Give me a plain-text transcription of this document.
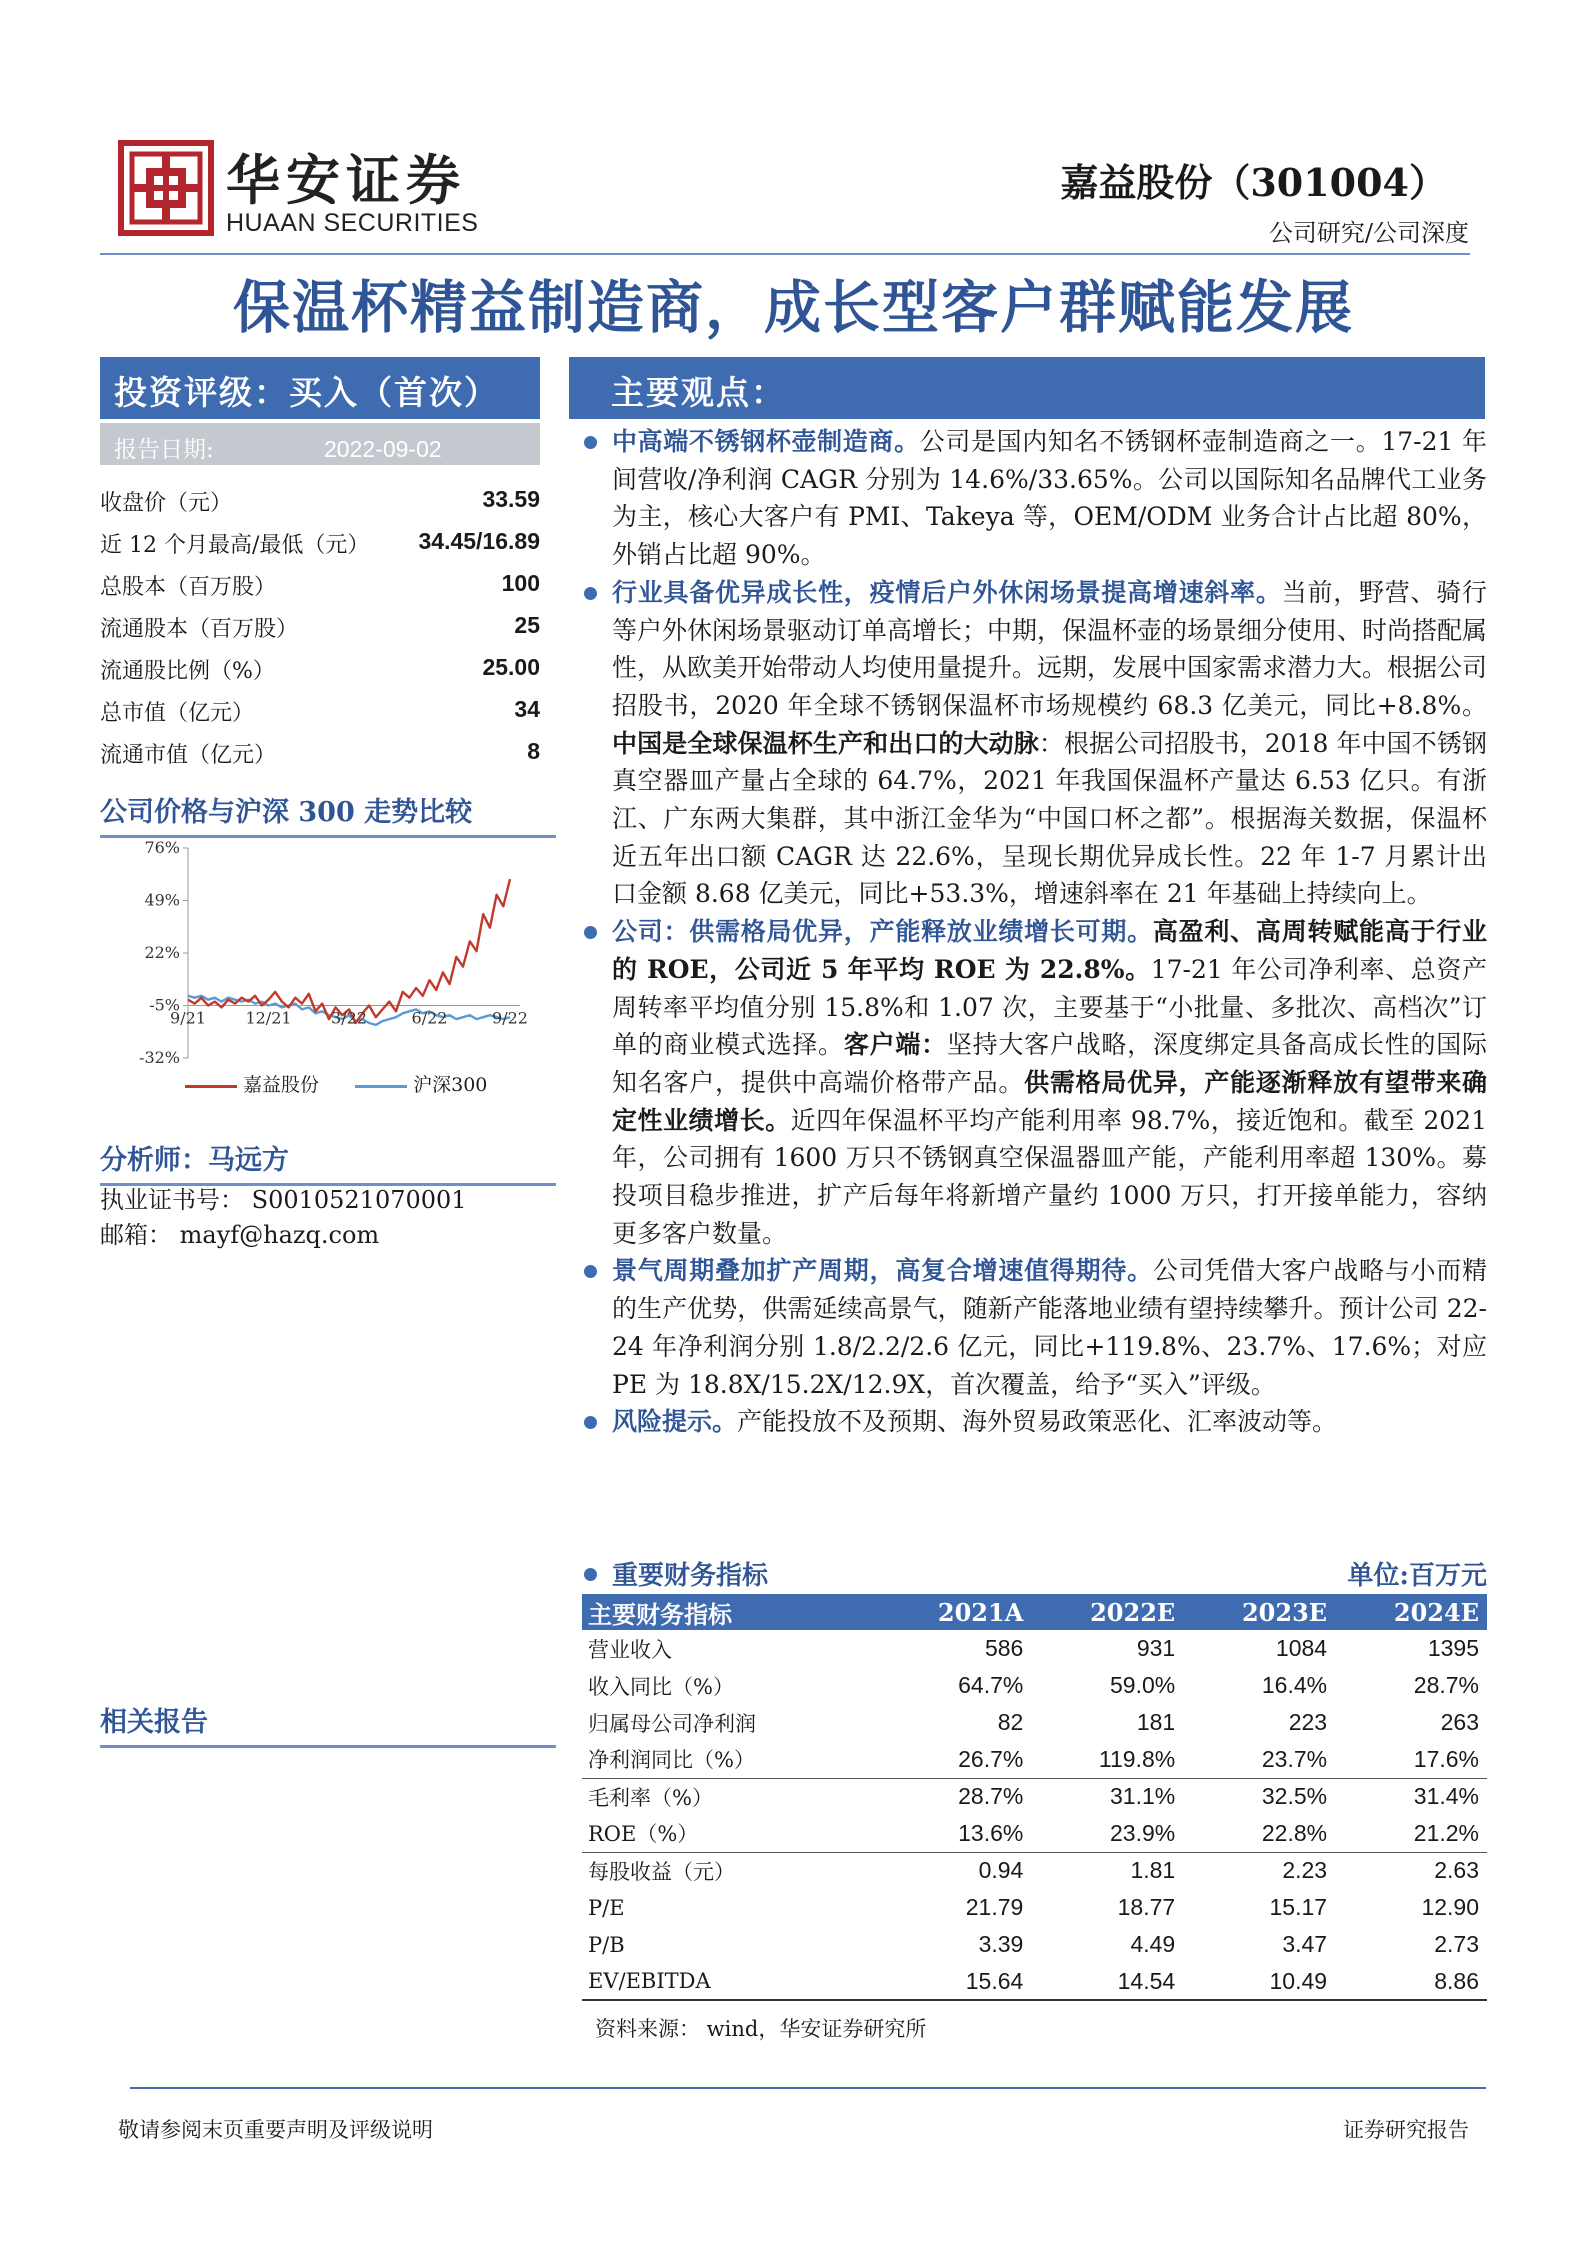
华安证券
HUAAN SECURITIES
嘉益股份（301004）
公司研究/公司深度
保温杯精益制造商，成长型客户群赋能发展
投资评级：买入（首次）
报告日期:	2022-09-02
收盘价（元）	33.59
近 12 个月最高/最低（元） 34.45/16.89
总股本（百万股）	100
流通股本（百万股）	25
流通股比例（%）	25.00
总市值（亿元）	34
流通市值（亿元）	8
公司价格与沪深 300 走势比较
76%
49%
22%
-5%
-32%
9/21 12/21 3/22	6/22	9/22
嘉益股份	沪深300
分析师：马远方
执业证书号： S0010521070001
邮箱： mayf@hazq.com
相关报告
主要观点：

中高端不锈钢杯壶制造商。公司是国内知名不锈钢杯壶制造商之一。17-21 年间营收/净利润 CAGR 分别为 14.6%/33.65%。公司以国际知名品牌代工业务为主，核心大客户有 PMI、Takeya 等，OEM/ODM 业务合计占比超 80%，外销占比超 90%。

行业具备优异成长性，疫情后户外休闲场景提高增速斜率。当前，野营、骑行等户外休闲场景驱动订单高增长；中期，保温杯壶的场景细分使用、时尚搭配属性，从欧美开始带动人均使用量提升。远期，发展中国家需求潜力大。根据公司招股书，2020 年全球不锈钢保温杯市场规模约 68.3 亿美元，同比+8.8%。中国是全球保温杯生产和出口的大动脉：根据公司招股书，2018 年中国不锈钢真空器皿产量占全球的 64.7%，2021 年我国保温杯产量达 6.53 亿只。有浙江、广东两大集群，其中浙江金华为“中国口杯之都”。根据海关数据，保温杯近五年出口额 CAGR 达 22.6%，呈现长期优异成长性。22 年 1-7 月累计出口金额 8.68 亿美元，同比+53.3%，增速斜率在 21 年基础上持续向上。

公司：供需格局优异，产能释放业绩增长可期。高盈利、高周转赋能高于行业的 ROE，公司近 5 年平均 ROE 为 22.8%。17-21 年公司净利率、总资产周转率平均值分别 15.8%和 1.07 次，主要基于“小批量、多批次、高档次”订单的商业模式选择。客户端：坚持大客户战略，深度绑定具备高成长性的国际知名客户，提供中高端价格带产品。供需格局优异，产能逐渐释放有望带来确定性业绩增长。近四年保温杯平均产能利用率 98.7%，接近饱和。截至 2021 年，公司拥有 1600 万只不锈钢真空保温器皿产能，产能利用率超 130%。募投项目稳步推进，扩产后每年将新增产量约 1000 万只，打开接单能力，容纳更多客户数量。

景气周期叠加扩产周期，高复合增速值得期待。公司凭借大客户战略与小而精的生产优势，供需延续高景气，随新产能落地业绩有望持续攀升。预计公司 22-24 年净利润分别 1.8/2.2/2.6 亿元，同比+119.8%、23.7%、17.6%；对应 PE 为 18.8X/15.2X/12.9X，首次覆盖，给予“买入”评级。

风险提示。产能投放不及预期、海外贸易政策恶化、汇率波动等。

重要财务指标	单位:百万元
主要财务指标	2021A	2022E	2023E	2024E
营业收入	586	931	1084	1395
收入同比（%）	64.7%	59.0%	16.4%	28.7%
归属母公司净利润	82	181	223	263
净利润同比（%）	26.7%	119.8%	23.7%	17.6%
毛利率（%）	28.7%	31.1%	32.5%	31.4%
ROE（%）	13.6%	23.9%	22.8%	21.2%
每股收益（元）	0.94	1.81	2.23	2.63
P/E	21.79	18.77	15.17	12.90
P/B	3.39	4.49	3.47	2.73
EV/EBITDA	15.64	14.54	10.49	8.86
资料来源： wind，华安证券研究所
敬请参阅末页重要声明及评级说明	证券研究报告
